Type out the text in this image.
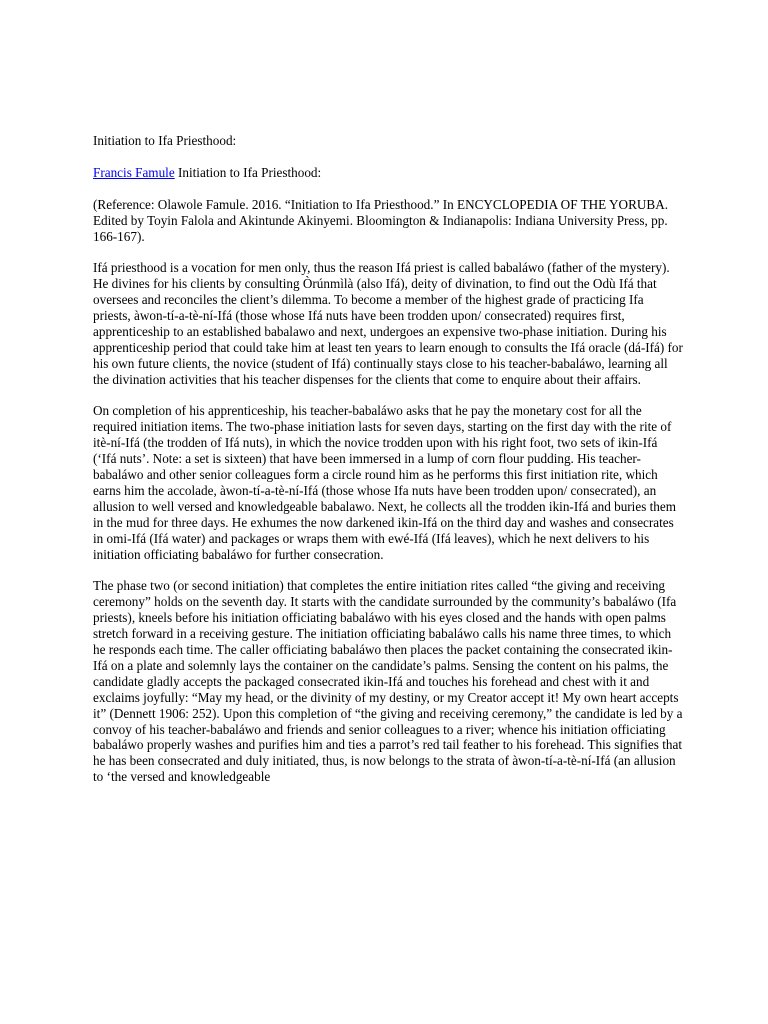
Initiation to Ifa Priesthood:

Francis Famule Initiation to Ifa Priesthood:

(Reference: Olawole Famule. 2016. “Initiation to Ifa Priesthood.” In ENCYCLOPEDIA OF THE YORUBA. Edited by Toyin Falola and Akintunde Akinyemi. Bloomington & Indianapolis: Indiana University Press, pp. 166-167).

Ifá priesthood is a vocation for men only, thus the reason Ifá priest is called babaláwo (father of the mystery). He divines for his clients by consulting Òrúnmìlà (also Ifá), deity of divination, to find out the Odù Ifá that oversees and reconciles the client’s dilemma. To become a member of the highest grade of practicing Ifa priests, àwon-tí-a-tè-ní-Ifá (those whose Ifá nuts have been trodden upon/ consecrated) requires first, apprenticeship to an established babalawo and next, undergoes an expensive two-phase initiation. During his apprenticeship period that could take him at least ten years to learn enough to consults the Ifá oracle (dá-Ifá) for his own future clients, the novice (student of Ifá) continually stays close to his teacher-babaláwo, learning all the divination activities that his teacher dispenses for the clients that come to enquire about their affairs.

On completion of his apprenticeship, his teacher-babaláwo asks that he pay the monetary cost for all the required initiation items. The two-phase initiation lasts for seven days, starting on the first day with the rite of itè-ní-Ifá (the trodden of Ifá nuts), in which the novice trodden upon with his right foot, two sets of ikin-Ifá (‘Ifá nuts’. Note: a set is sixteen) that have been immersed in a lump of corn flour pudding. His teacher-babaláwo and other senior colleagues form a circle round him as he performs this first initiation rite, which earns him the accolade, àwon-tí-a-tè-ní-Ifá (those whose Ifa nuts have been trodden upon/ consecrated), an allusion to well versed and knowledgeable babalawo. Next, he collects all the trodden ikin-Ifá and buries them in the mud for three days. He exhumes the now darkened ikin-Ifá on the third day and washes and consecrates in omi-Ifá (Ifá water) and packages or wraps them with ewé-Ifá (Ifá leaves), which he next delivers to his initiation officiating babaláwo for further consecration.

The phase two (or second initiation) that completes the entire initiation rites called “the giving and receiving ceremony” holds on the seventh day. It starts with the candidate surrounded by the community’s babaláwo (Ifa priests), kneels before his initiation officiating babaláwo with his eyes closed and the hands with open palms stretch forward in a receiving gesture. The initiation officiating babaláwo calls his name three times, to which he responds each time. The caller officiating babaláwo then places the packet containing the consecrated ikin-Ifá on a plate and solemnly lays the container on the candidate’s palms. Sensing the content on his palms, the candidate gladly accepts the packaged consecrated ikin-Ifá and touches his forehead and chest with it and exclaims joyfully: “May my head, or the divinity of my destiny, or my Creator accept it! My own heart accepts it” (Dennett 1906: 252). Upon this completion of “the giving and receiving ceremony,” the candidate is led by a convoy of his teacher-babaláwo and friends and senior colleagues to a river; whence his initiation officiating babaláwo properly washes and purifies him and ties a parrot’s red tail feather to his forehead. This signifies that he has been consecrated and duly initiated, thus, is now belongs to the strata of àwon-tí-a-tè-ní-Ifá (an allusion to ‘the versed and knowledgeable
